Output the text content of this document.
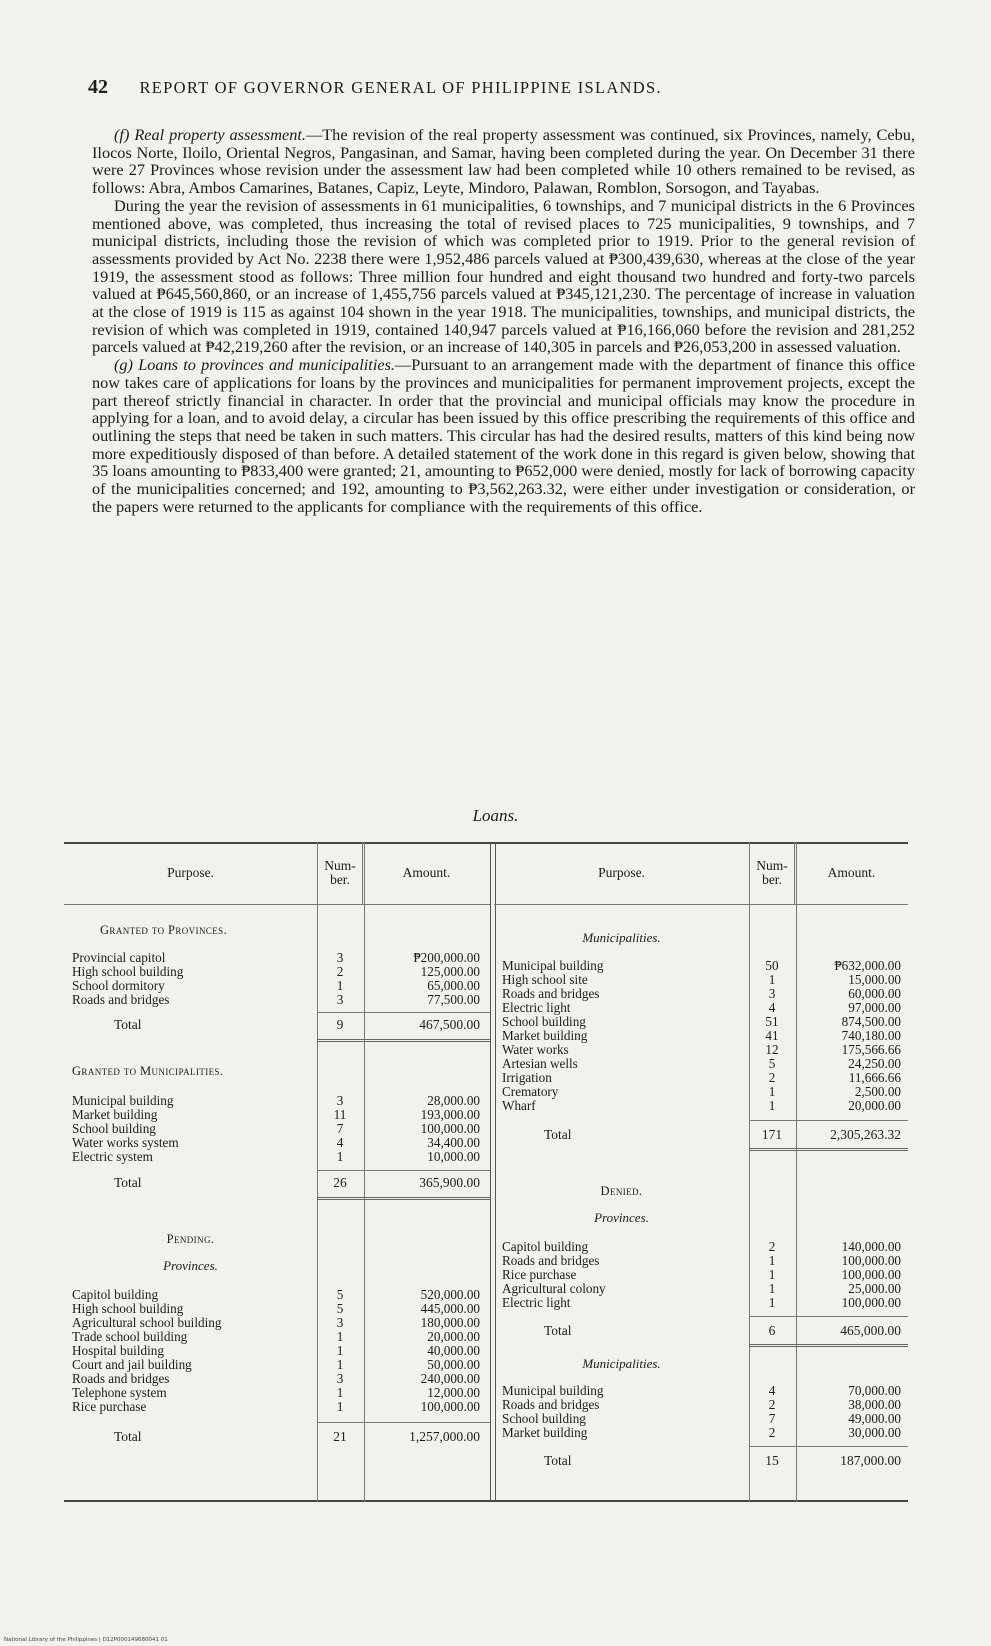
42 REPORT OF GOVERNOR GENERAL OF PHILIPPINE ISLANDS.

(f) Real property assessment.—The revision of the real property assessment was continued, six Provinces, namely, Cebu, Ilocos Norte, Iloilo, Oriental Negros, Pangasinan, and Samar, having been completed during the year. On December 31 there were 27 Provinces whose revision under the assessment law had been completed while 10 others remained to be revised, as follows: Abra, Ambos Camarines, Batanes, Capiz, Leyte, Mindoro, Palawan, Romblon, Sorsogon, and Tayabas.

During the year the revision of assessments in 61 municipalities, 6 townships, and 7 municipal districts in the 6 Provinces mentioned above, was completed, thus increasing the total of revised places to 725 municipalities, 9 townships, and 7 municipal districts, including those the revision of which was completed prior to 1919. Prior to the general revision of assessments provided by Act No. 2238 there were 1,952,486 parcels valued at ₱300,439,630, whereas at the close of the year 1919, the assessment stood as follows: Three million four hundred and eight thousand two hundred and forty-two parcels valued at ₱645,560,860, or an increase of 1,455,756 parcels valued at ₱345,121,230. The percentage of increase in valuation at the close of 1919 is 115 as against 104 shown in the year 1918. The municipalities, townships, and municipal districts, the revision of which was completed in 1919, contained 140,947 parcels valued at ₱16,166,060 before the revision and 281,252 parcels valued at ₱42,219,260 after the revision, or an increase of 140,305 in parcels and ₱26,053,200 in assessed valuation.

(g) Loans to provinces and municipalities.—Pursuant to an arrangement made with the department of finance this office now takes care of applications for loans by the provinces and municipalities for permanent improvement projects, except the part thereof strictly financial in character. In order that the provincial and municipal officials may know the procedure in applying for a loan, and to avoid delay, a circular has been issued by this office prescribing the requirements of this office and outlining the steps that need be taken in such matters. This circular has had the desired results, matters of this kind being now more expeditiously disposed of than before. A detailed statement of the work done in this regard is given below, showing that 35 loans amounting to ₱833,400 were granted; 21, amounting to ₱652,000 were denied, mostly for lack of borrowing capacity of the municipalities concerned; and 192, amounting to ₱3,562,263.32, were either under investigation or consideration, or the papers were returned to the applicants for compliance with the requirements of this office.

Loans.
Purpose.	Num-ber.	Amount.
Granted to Provinces.
Provincial capitol	3	₱200,000.00
High school building	2	125,000.00
School dormitory	1	65,000.00
Roads and bridges	3	77,500.00
Total	9	467,500.00
Granted to Municipalities.
Municipal building	3	28,000.00
Market building	11	193,000.00
School building	7	100,000.00
Water works system	4	34,400.00
Electric system	1	10,000.00
Total	26	365,900.00
Pending.
Provinces.
Capitol building	5	520,000.00
High school building	5	445,000.00
Agricultural school building	3	180,000.00
Trade school building	1	20,000.00
Hospital building	1	40,000.00
Court and jail building	1	50,000.00
Roads and bridges	3	240,000.00
Telephone system	1	12,000.00
Rice purchase	1	100,000.00
Total	21	1,257,000.00
Purpose.	Num-ber.	Amount.
Municipalities.
Municipal building	50	₱632,000.00
High school site	1	15,000.00
Roads and bridges	3	60,000.00
Electric light	4	97,000.00
School building	51	874,500.00
Market building	41	740,180.00
Water works	12	175,566.66
Artesian wells	5	24,250.00
Irrigation	2	11,666.66
Crematory	1	2,500.00
Wharf	1	20,000.00
Total	171	2,305,263.32
Denied.
Provinces.
Capitol building	2	140,000.00
Roads and bridges	1	100,000.00
Rice purchase	1	100,000.00
Agricultural colony	1	25,000.00
Electric light	1	100,000.00
Total	6	465,000.00
Municipalities.
Municipal building	4	70,000.00
Roads and bridges	2	38,000.00
School building	7	49,000.00
Market building	2	30,000.00
Total	15	187,000.00
National Library of the Philippines | D12P000149680041 01
